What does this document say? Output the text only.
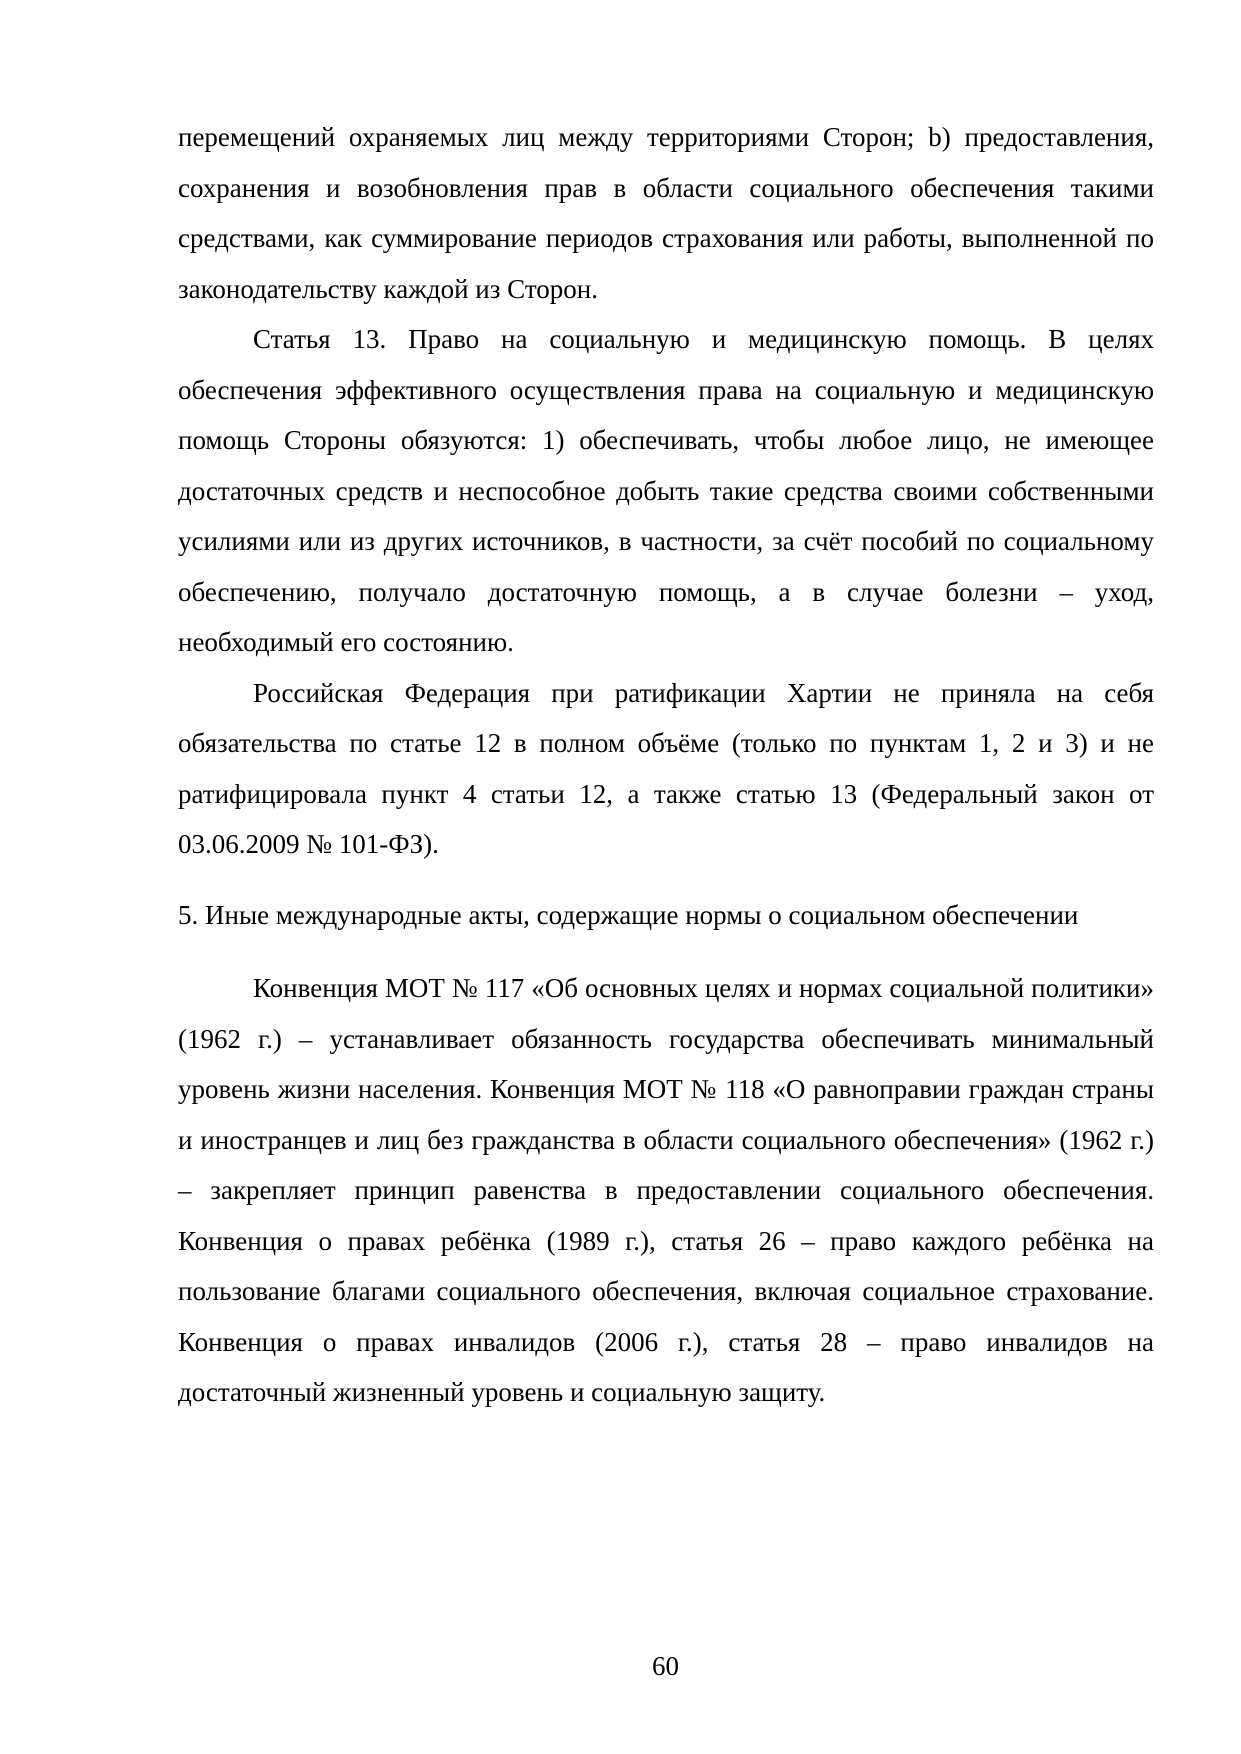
перемещений охраняемых лиц между территориями Сторон; b) предоставления, сохранения и возобновления прав в области социального обеспечения такими средствами, как суммирование периодов страхования или работы, выполненной по законодательству каждой из Сторон.

Статья 13. Право на социальную и медицинскую помощь. В целях обеспечения эффективного осуществления права на социальную и медицинскую помощь Стороны обязуются: 1) обеспечивать, чтобы любое лицо, не имеющее достаточных средств и неспособное добыть такие средства своими собственными усилиями или из других источников, в частности, за счёт пособий по социальному обеспечению, получало достаточную помощь, а в случае болезни – уход, необходимый его состоянию.

Российская Федерация при ратификации Хартии не приняла на себя обязательства по статье 12 в полном объёме (только по пунктам 1, 2 и 3) и не ратифицировала пункт 4 статьи 12, а также статью 13 (Федеральный закон от 03.06.2009 № 101-ФЗ).

5. Иные международные акты, содержащие нормы о социальном обеспечении

Конвенция МОТ № 117 «Об основных целях и нормах социальной политики» (1962 г.) – устанавливает обязанность государства обеспечивать минимальный уровень жизни населения. Конвенция МОТ № 118 «О равноправии граждан страны и иностранцев и лиц без гражданства в области социального обеспечения» (1962 г.) – закрепляет принцип равенства в предоставлении социального обеспечения. Конвенция о правах ребёнка (1989 г.), статья 26 – право каждого ребёнка на пользование благами социального обеспечения, включая социальное страхование. Конвенция о правах инвалидов (2006 г.), статья 28 – право инвалидов на достаточный жизненный уровень и социальную защиту.

60
